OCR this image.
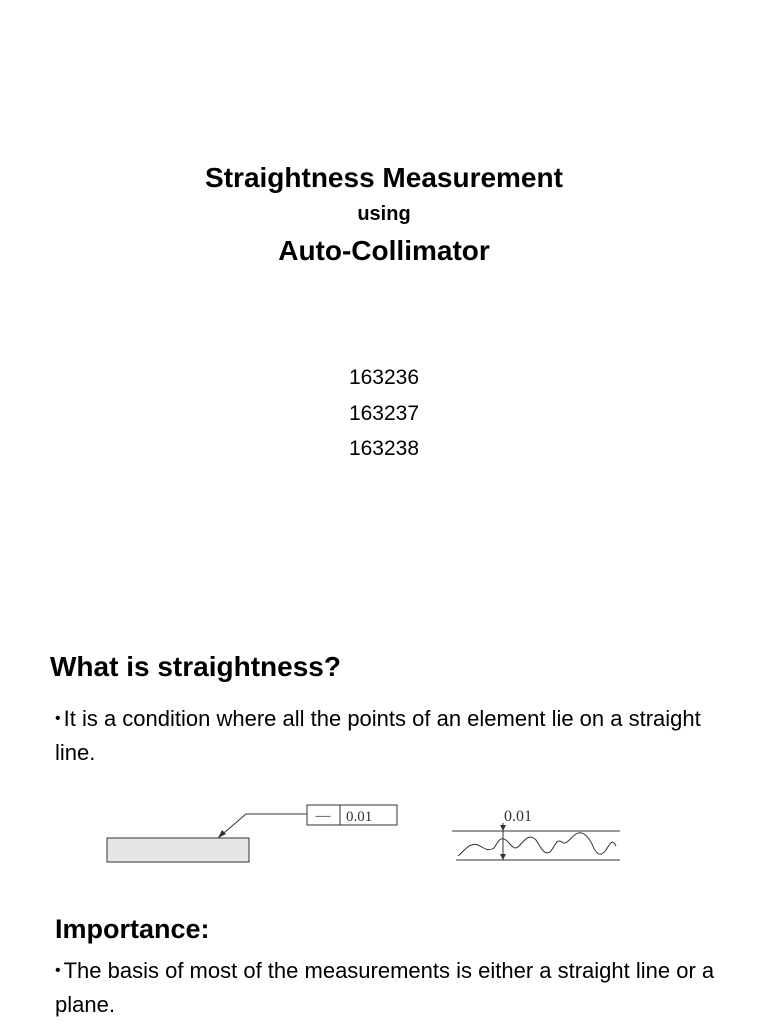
Straightness Measurement
using
Auto-Collimator
163236
163237
163238
What is straightness?
• It is a condition where all the points of an element lie on a straight line.
— 0.01	0.01
Importance:
• The basis of most of the measurements is either a straight line or a plane.
